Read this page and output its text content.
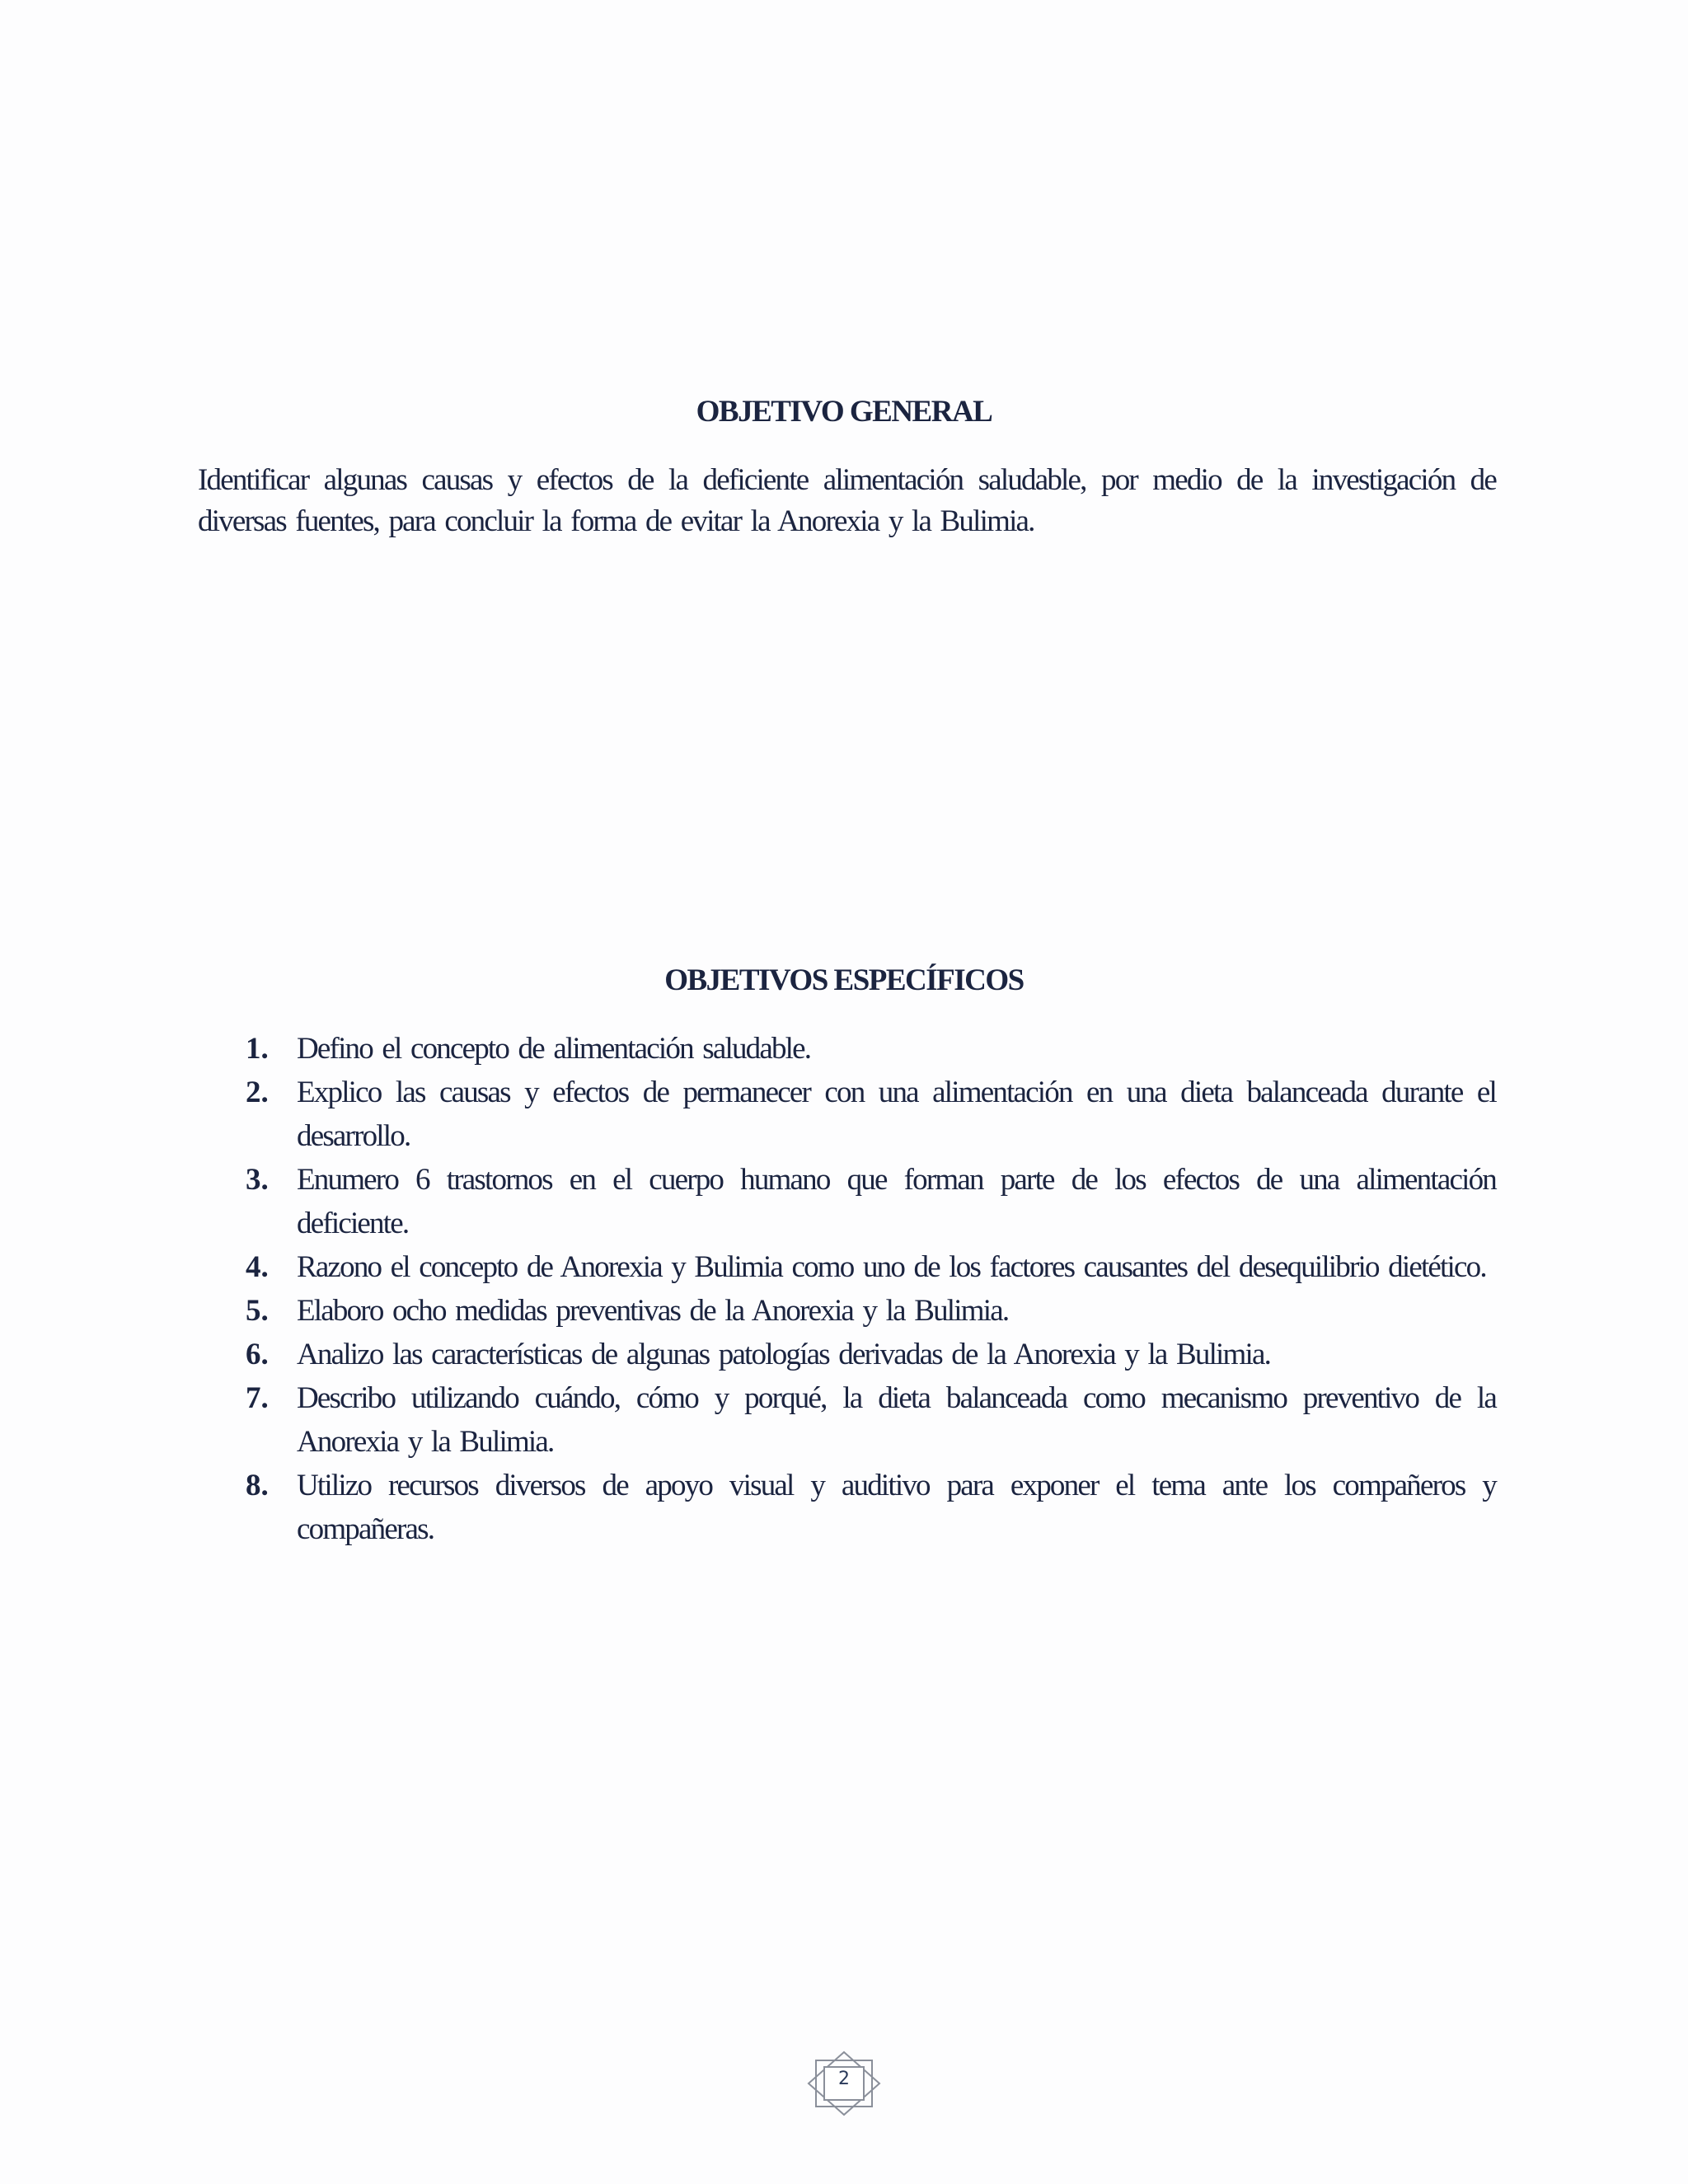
OBJETIVO GENERAL

Identificar algunas causas y efectos de la deficiente alimentación saludable, por medio de la investigación de diversas fuentes, para concluir la forma de evitar la Anorexia y la Bulimia.

OBJETIVOS ESPECÍFICOS
1. Defino el concepto de alimentación saludable.
2. Explico las causas y efectos de permanecer con una alimentación en una dieta balanceada durante el desarrollo.
3. Enumero 6 trastornos en el cuerpo humano que forman parte de los efectos de una alimentación deficiente.
4. Razono el concepto de Anorexia y Bulimia como uno de los factores causantes del desequilibrio dietético.
5. Elaboro ocho medidas preventivas de la Anorexia y la Bulimia.
6. Analizo las características de algunas patologías derivadas de la Anorexia y la Bulimia.
7. Describo utilizando cuándo, cómo y porqué, la dieta balanceada como mecanismo preventivo de la Anorexia y la Bulimia.
8. Utilizo recursos diversos de apoyo visual y auditivo para exponer el tema ante los compañeros y compañeras.
2
